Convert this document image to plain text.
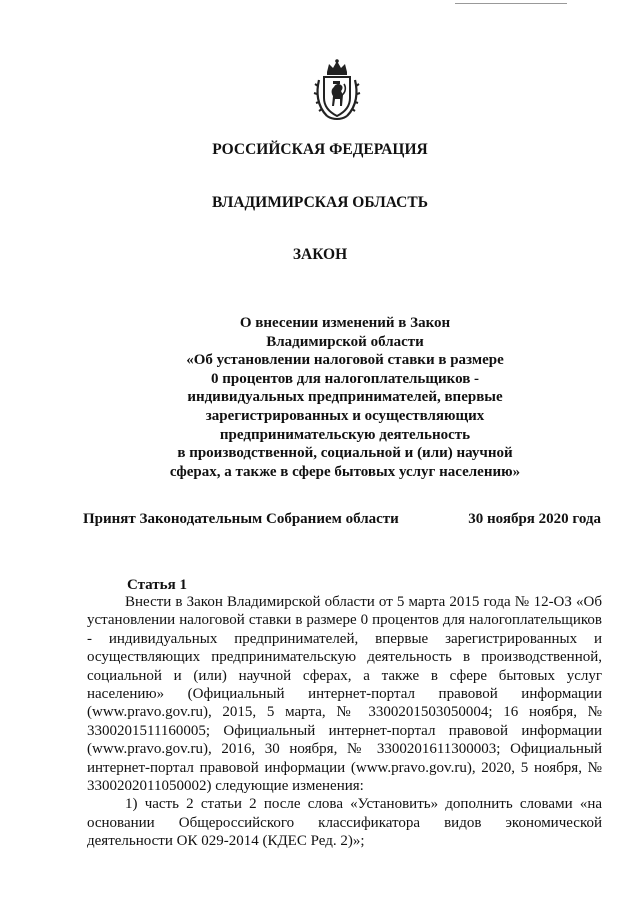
РОССИЙСКАЯ ФЕДЕРАЦИЯ
ВЛАДИМИРСКАЯ ОБЛАСТЬ
ЗАКОН
О внесении изменений в Закон
Владимирской области
«Об установлении налоговой ставки в размере
0 процентов для налогоплательщиков -
индивидуальных предпринимателей, впервые
зарегистрированных и осуществляющих
предпринимательскую деятельность
в производственной, социальной и (или) научной
сферах, а также в сфере бытовых услуг населению»
Принят Законодательным Собранием области	30 ноября 2020 года
Статья 1

Внести в Закон Владимирской области от 5 марта 2015 года № 12-ОЗ «Об установлении налоговой ставки в размере 0 процентов для налогоплательщиков - индивидуальных предпринимателей, впервые зарегистрированных и осуществляющих предпринимательскую деятельность в производственной, социальной и (или) научной сферах, а также в сфере бытовых услуг населению» (Официальный интернет-портал правовой информации (www.pravo.gov.ru), 2015, 5 марта, № 3300201503050004; 16 ноября, № 3300201511160005; Официальный интернет-портал правовой информации (www.pravo.gov.ru), 2016, 30 ноября, № 3300201611300003; Официальный интернет-портал правовой информации (www.pravo.gov.ru), 2020, 5 ноября, № 3300202011050002) следующие изменения:

1) часть 2 статьи 2 после слова «Установить» дополнить словами «на основании Общероссийского классификатора видов экономической деятельности ОК 029-2014 (КДЕС Ред. 2)»;
